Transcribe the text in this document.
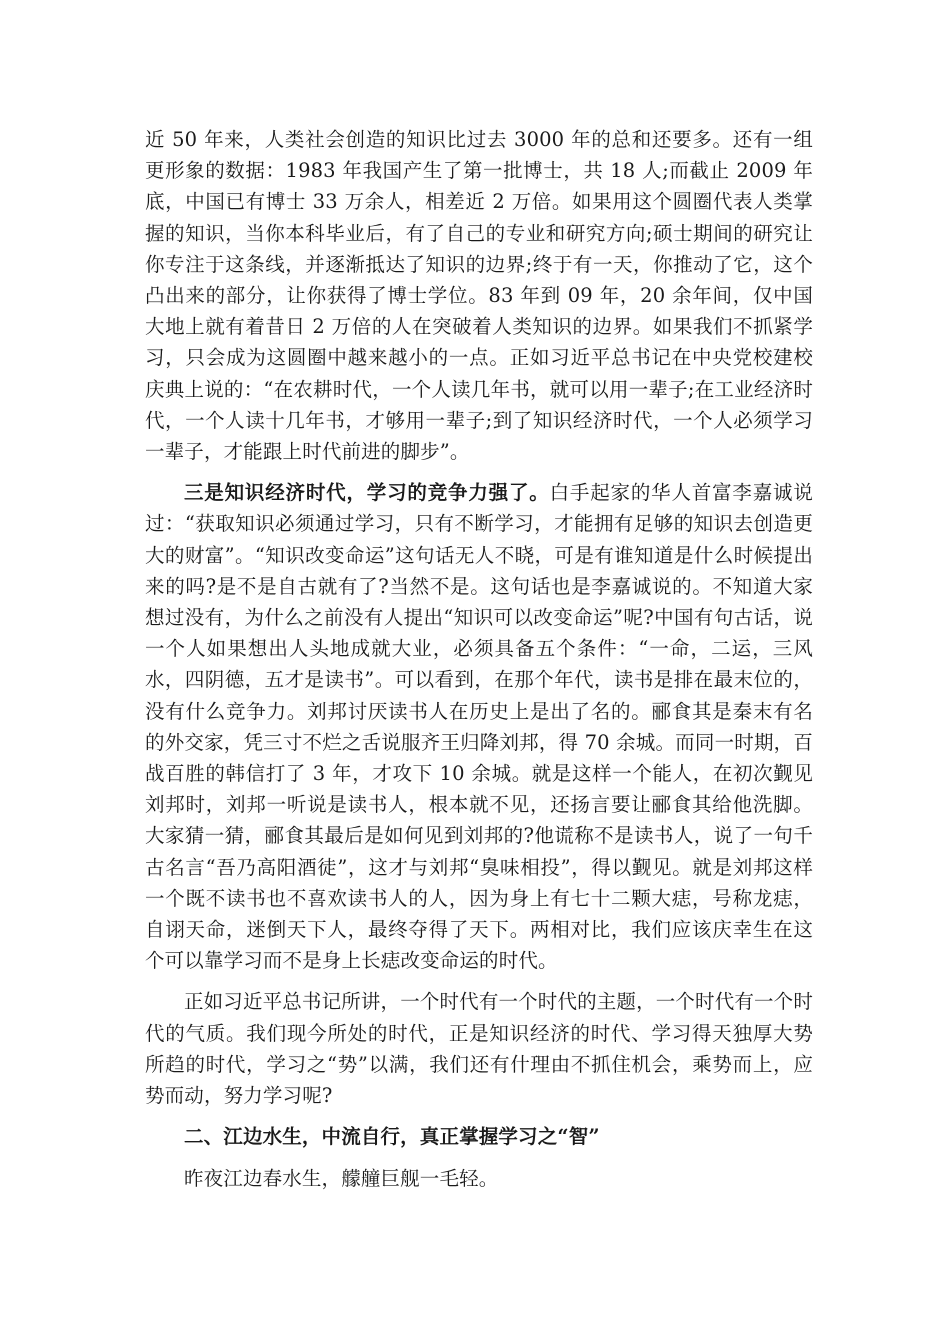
近 50 年来，人类社会创造的知识比过去 3000 年的总和还要多。还有一组更形象的数据：1983 年我国产生了第一批博士，共 18 人;而截止 2009 年底，中国已有博士 33 万余人，相差近 2 万倍。如果用这个圆圈代表人类掌握的知识，当你本科毕业后，有了自己的专业和研究方向;硕士期间的研究让你专注于这条线，并逐渐抵达了知识的边界;终于有一天，你推动了它，这个凸出来的部分，让你获得了博士学位。83 年到 09 年，20 余年间，仅中国大地上就有着昔日 2 万倍的人在突破着人类知识的边界。如果我们不抓紧学习，只会成为这圆圈中越来越小的一点。正如习近平总书记在中央党校建校庆典上说的：“在农耕时代，一个人读几年书，就可以用一辈子;在工业经济时代，一个人读十几年书，才够用一辈子;到了知识经济时代，一个人必须学习一辈子，才能跟上时代前进的脚步”。

三是知识经济时代，学习的竞争力强了。白手起家的华人首富李嘉诚说过：“获取知识必须通过学习，只有不断学习，才能拥有足够的知识去创造更大的财富”。“知识改变命运”这句话无人不晓，可是有谁知道是什么时候提出来的吗?是不是自古就有了?当然不是。这句话也是李嘉诚说的。不知道大家想过没有，为什么之前没有人提出“知识可以改变命运”呢?中国有句古话，说一个人如果想出人头地成就大业，必须具备五个条件：“一命，二运，三风水，四阴德，五才是读书”。可以看到，在那个年代，读书是排在最末位的，没有什么竞争力。刘邦讨厌读书人在历史上是出了名的。郦食其是秦末有名的外交家，凭三寸不烂之舌说服齐王归降刘邦，得 70 余城。而同一时期，百战百胜的韩信打了 3 年，才攻下 10 余城。就是这样一个能人，在初次觐见刘邦时，刘邦一听说是读书人，根本就不见，还扬言要让郦食其给他洗脚。大家猜一猜，郦食其最后是如何见到刘邦的?他谎称不是读书人，说了一句千古名言“吾乃高阳酒徒”，这才与刘邦“臭味相投”，得以觐见。就是刘邦这样一个既不读书也不喜欢读书人的人，因为身上有七十二颗大痣，号称龙痣，自诩天命，迷倒天下人，最终夺得了天下。两相对比，我们应该庆幸生在这个可以靠学习而不是身上长痣改变命运的时代。

正如习近平总书记所讲，一个时代有一个时代的主题，一个时代有一个时代的气质。我们现今所处的时代，正是知识经济的时代、学习得天独厚大势所趋的时代，学习之“势”以满，我们还有什理由不抓住机会，乘势而上，应势而动，努力学习呢?

二、江边水生，中流自行，真正掌握学习之“智”

昨夜江边春水生，艨艟巨舰一毛轻。
